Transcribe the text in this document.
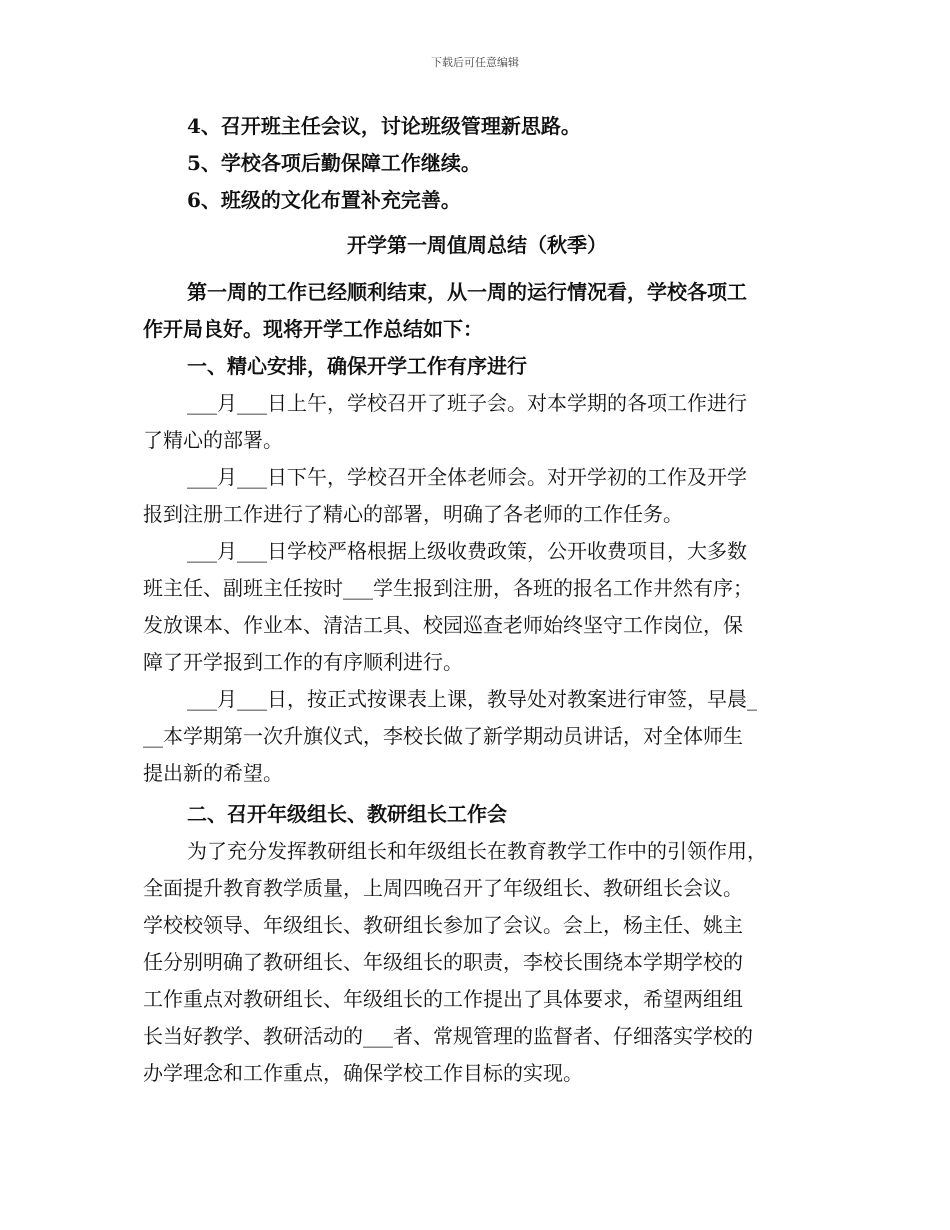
下载后可任意编辑
4、召开班主任会议，讨论班级管理新思路。
5、学校各项后勤保障工作继续。
6、班级的文化布置补充完善。
开学第一周值周总结（秋季）
第一周的工作已经顺利结束，从一周的运行情况看，学校各项工
作开局良好。现将开学工作总结如下：
一、精心安排，确保开学工作有序进行
___月___日上午，学校召开了班子会。对本学期的各项工作进行
了精心的部署。
___月___日下午，学校召开全体老师会。对开学初的工作及开学
报到注册工作进行了精心的部署，明确了各老师的工作任务。
___月___日学校严格根据上级收费政策，公开收费项目，大多数
班主任、副班主任按时___学生报到注册，各班的报名工作井然有序；
发放课本、作业本、清洁工具、校园巡查老师始终坚守工作岗位，保
障了开学报到工作的有序顺利进行。
___月___日，按正式按课表上课，教导处对教案进行审签，早晨_
__本学期第一次升旗仪式，李校长做了新学期动员讲话，对全体师生
提出新的希望。
二、召开年级组长、教研组长工作会
为了充分发挥教研组长和年级组长在教育教学工作中的引领作用，
全面提升教育教学质量，上周四晚召开了年级组长、教研组长会议。
学校校领导、年级组长、教研组长参加了会议。会上，杨主任、姚主
任分别明确了教研组长、年级组长的职责，李校长围绕本学期学校的
工作重点对教研组长、年级组长的工作提出了具体要求，希望两组组
长当好教学、教研活动的___者、常规管理的监督者、仔细落实学校的
办学理念和工作重点，确保学校工作目标的实现。
